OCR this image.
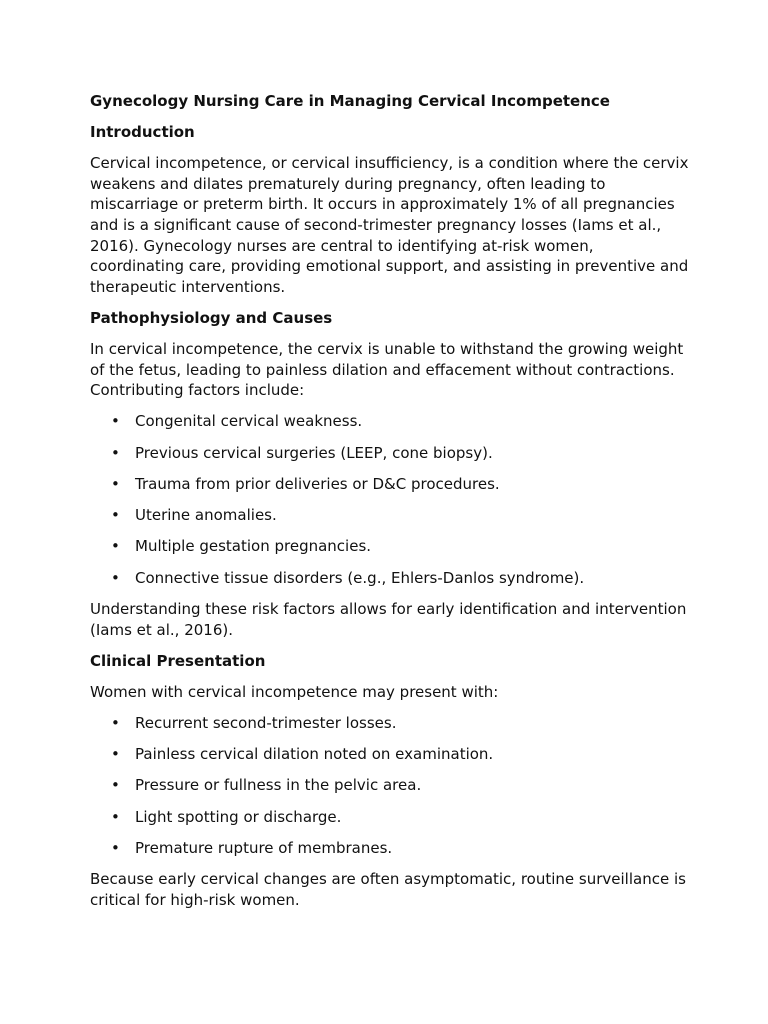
Gynecology Nursing Care in Managing Cervical Incompetence

Introduction

Cervical incompetence, or cervical insufficiency, is a condition where the cervix weakens and dilates prematurely during pregnancy, often leading to miscarriage or preterm birth. It occurs in approximately 1% of all pregnancies and is a significant cause of second-trimester pregnancy losses (Iams et al., 2016). Gynecology nurses are central to identifying at-risk women, coordinating care, providing emotional support, and assisting in preventive and therapeutic interventions.

Pathophysiology and Causes

In cervical incompetence, the cervix is unable to withstand the growing weight of the fetus, leading to painless dilation and effacement without contractions. Contributing factors include:

• Congenital cervical weakness.
• Previous cervical surgeries (LEEP, cone biopsy).
• Trauma from prior deliveries or D&C procedures.
• Uterine anomalies.
• Multiple gestation pregnancies.
• Connective tissue disorders (e.g., Ehlers-Danlos syndrome).

Understanding these risk factors allows for early identification and intervention (Iams et al., 2016).

Clinical Presentation

Women with cervical incompetence may present with:

• Recurrent second-trimester losses.
• Painless cervical dilation noted on examination.
• Pressure or fullness in the pelvic area.
• Light spotting or discharge.
• Premature rupture of membranes.

Because early cervical changes are often asymptomatic, routine surveillance is critical for high-risk women.
